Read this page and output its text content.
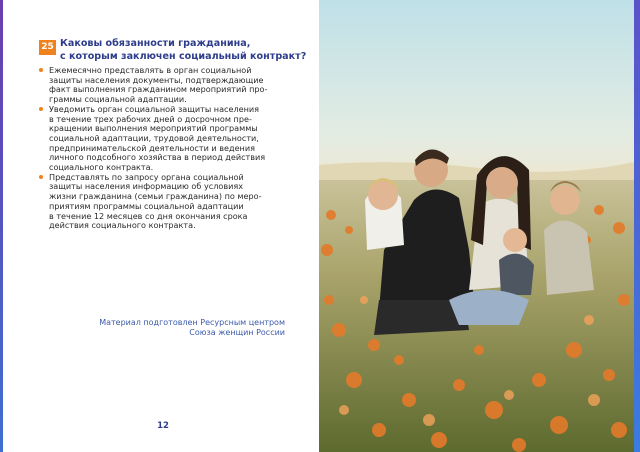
25 Каковы обязанности гражданина,
с которым заключен социальный контракт?
Ежемесячно представлять в орган социальной
защиты населения документы, подтверждающие
факт выполнения гражданином мероприятий про-
граммы социальной адаптации.
Уведомить орган социальной защиты населения
в течение трех рабочих дней о досрочном пре-
кращении выполнения мероприятий программы
социальной адаптации, трудовой деятельности,
предпринимательской деятельности и ведения
личного подсобного хозяйства в период действия
социального контракта.
Представлять по запросу органа социальной
защиты населения информацию об условиях
жизни гражданина (семьи гражданина) по меро-
приятиям программы социальной адаптации
в течение 12 месяцев со дня окончания срока
действия социального контракта.
Материал подготовлен Ресурсным центром
Союза женщин России
12
